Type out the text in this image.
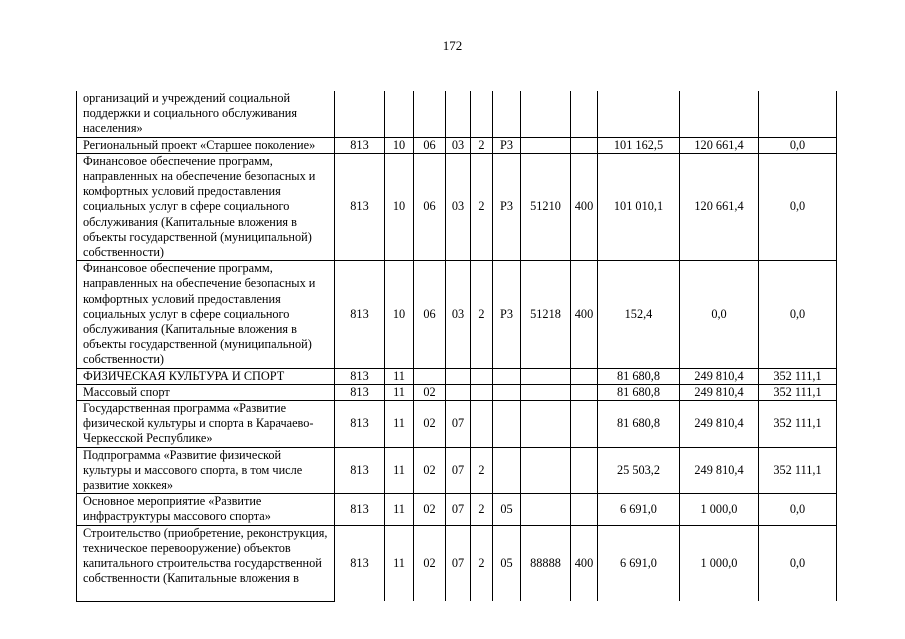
172
организаций и учреждений социальной поддержки и социального обслуживания населения»											
Региональный проект «Старшее поколение»	813	10	06	03	2	P3			101 162,5	120 661,4	0,0
Финансовое обеспечение программ, направленных на обеспечение безопасных и комфортных условий предоставления социальных услуг в сфере социального обслуживания (Капитальные вложения в объекты государственной (муниципальной) собственности)	813	10	06	03	2	P3	51210	400	101 010,1	120 661,4	0,0
Финансовое обеспечение программ, направленных на обеспечение безопасных и комфортных условий предоставления социальных услуг в сфере социального обслуживания (Капитальные вложения в объекты государственной (муниципальной) собственности)	813	10	06	03	2	P3	51218	400	152,4	0,0	0,0
ФИЗИЧЕСКАЯ КУЛЬТУРА И СПОРТ	813	11							81 680,8	249 810,4	352 111,1
Массовый спорт	813	11	02						81 680,8	249 810,4	352 111,1
Государственная программа «Развитие физической культуры и спорта в Карачаево-Черкесской Республике»	813	11	02	07					81 680,8	249 810,4	352 111,1
Подпрограмма «Развитие физической культуры и массового спорта, в том числе развитие хоккея»	813	11	02	07	2				25 503,2	249 810,4	352 111,1
Основное мероприятие «Развитие инфраструктуры массового спорта»	813	11	02	07	2	05			6 691,0	1 000,0	0,0
Строительство (приобретение, реконструкция, техническое перевооружение) объектов капитального строительства государственной собственности (Капитальные вложения в	813	11	02	07	2	05	88888	400	6 691,0	1 000,0	0,0
